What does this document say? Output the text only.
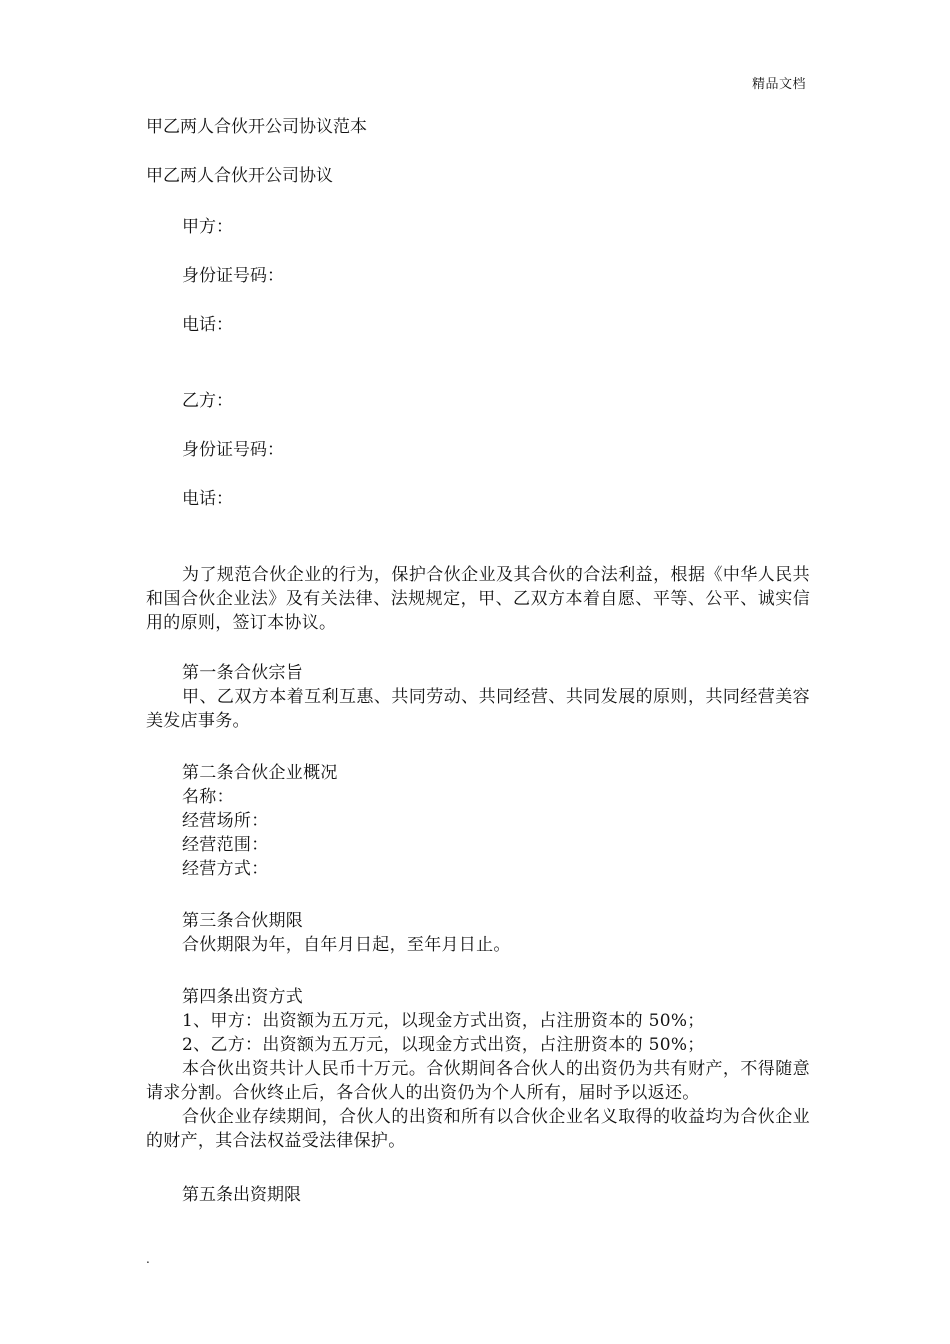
精品文档
甲乙两人合伙开公司协议范本
甲乙两人合伙开公司协议
甲方：
身份证号码：
电话：
乙方：
身份证号码：
电话：
为了规范合伙企业的行为，保护合伙企业及其合伙的合法利益，根据《中华人民共和国合伙企业法》及有关法律、法规规定，甲、乙双方本着自愿、平等、公平、诚实信用的原则，签订本协议。
第一条合伙宗旨
甲、乙双方本着互利互惠、共同劳动、共同经营、共同发展的原则，共同经营美容美发店事务。
第二条合伙企业概况
名称：
经营场所：
经营范围：
经营方式：
第三条合伙期限
合伙期限为年，自年月日起，至年月日止。
第四条出资方式
1、甲方：出资额为五万元，以现金方式出资，占注册资本的 50%；
2、乙方：出资额为五万元，以现金方式出资，占注册资本的 50%；
本合伙出资共计人民币十万元。合伙期间各合伙人的出资仍为共有财产，不得随意请求分割。合伙终止后，各合伙人的出资仍为个人所有，届时予以返还。
合伙企业存续期间，合伙人的出资和所有以合伙企业名义取得的收益均为合伙企业的财产，其合法权益受法律保护。
第五条出资期限
.
